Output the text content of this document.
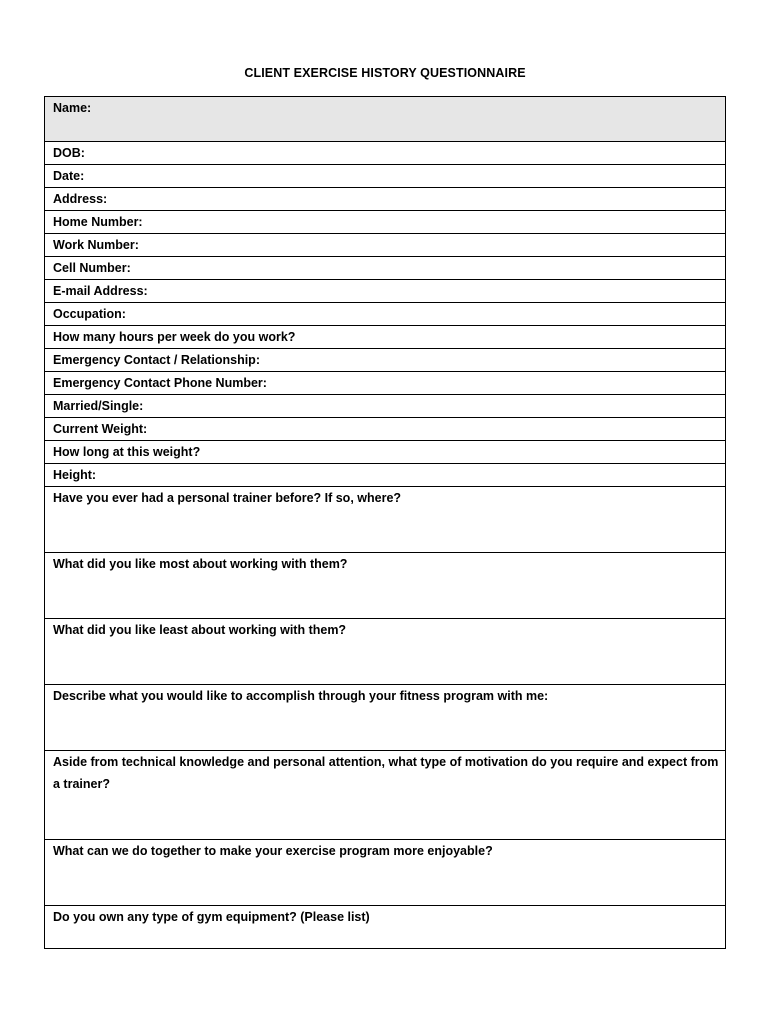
CLIENT EXERCISE HISTORY QUESTIONNAIRE
Name:
DOB:
Date:
Address:
Home Number:
Work Number:
Cell Number:
E-mail Address:
Occupation:
How many hours per week do you work?
Emergency Contact / Relationship:
Emergency Contact Phone Number:
Married/Single:
Current Weight:
How long at this weight?
Height:
Have you ever had a personal trainer before? If so, where?
What did you like most about working with them?
What did you like least about working with them?
Describe what you would like to accomplish through your fitness program with me:
Aside from technical knowledge and personal attention, what type of motivation do you require and expect from a trainer?
What can we do together to make your exercise program more enjoyable?
Do you own any type of gym equipment? (Please list)
